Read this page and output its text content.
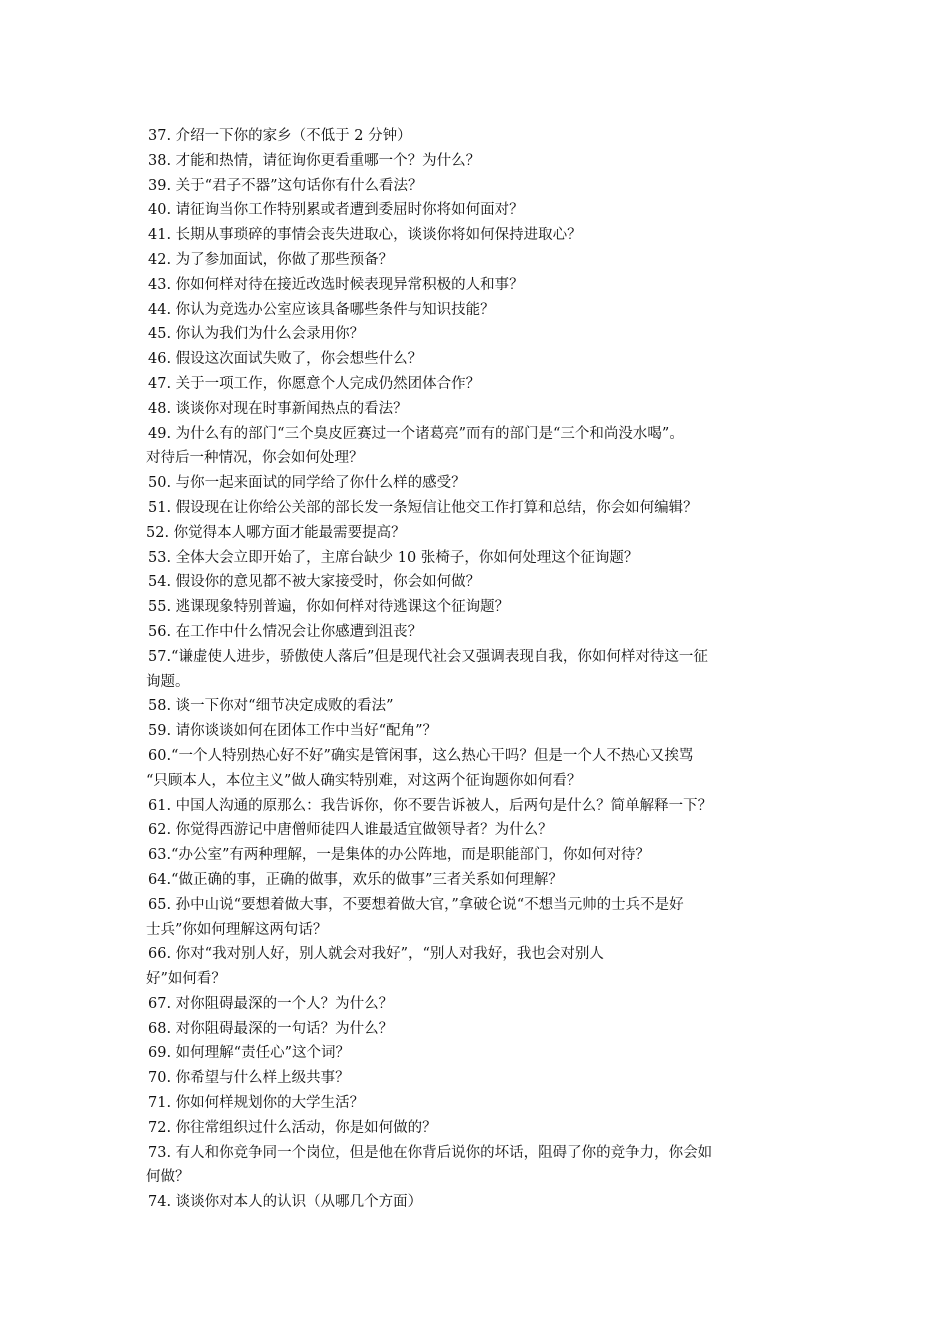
37. 介绍一下你的家乡（不低于 2 分钟）
38. 才能和热情，请征询你更看重哪一个？为什么？
39. 关于“君子不器”这句话你有什么看法？
40. 请征询当你工作特别累或者遭到委屈时你将如何面对？
41. 长期从事琐碎的事情会丧失进取心，谈谈你将如何保持进取心？
42. 为了参加面试，你做了那些预备？
43. 你如何样对待在接近改选时候表现异常积极的人和事？
44. 你认为竞选办公室应该具备哪些条件与知识技能？
45. 你认为我们为什么会录用你？
46. 假设这次面试失败了，你会想些什么？
47. 关于一项工作，你愿意个人完成仍然团体合作？
48. 谈谈你对现在时事新闻热点的看法？
49. 为什么有的部门“三个臭皮匠赛过一个诸葛亮”而有的部门是“三个和尚没水喝”。
对待后一种情况，你会如何处理？
50. 与你一起来面试的同学给了你什么样的感受？
51. 假设现在让你给公关部的部长发一条短信让他交工作打算和总结，你会如何编辑？
52. 你觉得本人哪方面才能最需要提高？
53. 全体大会立即开始了，主席台缺少 10 张椅子，你如何处理这个征询题？
54. 假设你的意见都不被大家接受时，你会如何做？
55. 逃课现象特别普遍，你如何样对待逃课这个征询题？
56. 在工作中什么情况会让你感遭到沮丧？
57.“谦虚使人进步，骄傲使人落后”但是现代社会又强调表现自我，你如何样对待这一征
询题。
58. 谈一下你对“细节决定成败的看法”
59. 请你谈谈如何在团体工作中当好“配角”？
60.“一个人特别热心好不好”确实是管闲事，这么热心干吗？但是一个人不热心又挨骂
“只顾本人，本位主义”做人确实特别难，对这两个征询题你如何看？
61. 中国人沟通的原那么：我告诉你，你不要告诉被人，后两句是什么？简单解释一下？
62. 你觉得西游记中唐僧师徒四人谁最适宜做领导者？为什么？
63.“办公室”有两种理解，一是集体的办公阵地，而是职能部门，你如何对待？
64.“做正确的事，正确的做事，欢乐的做事”三者关系如何理解？
65. 孙中山说“要想着做大事，不要想着做大官，”拿破仑说“不想当元帅的士兵不是好
士兵”你如何理解这两句话？
66. 你对“我对别人好，别人就会对我好”，“别人对我好，我也会对别人
好”如何看？
67. 对你阻碍最深的一个人？为什么？
68. 对你阻碍最深的一句话？为什么？
69. 如何理解“责任心”这个词？
70. 你希望与什么样上级共事？
71. 你如何样规划你的大学生活？
72. 你往常组织过什么活动，你是如何做的？
73. 有人和你竞争同一个岗位，但是他在你背后说你的坏话，阻碍了你的竞争力，你会如
何做？
74. 谈谈你对本人的认识（从哪几个方面）
